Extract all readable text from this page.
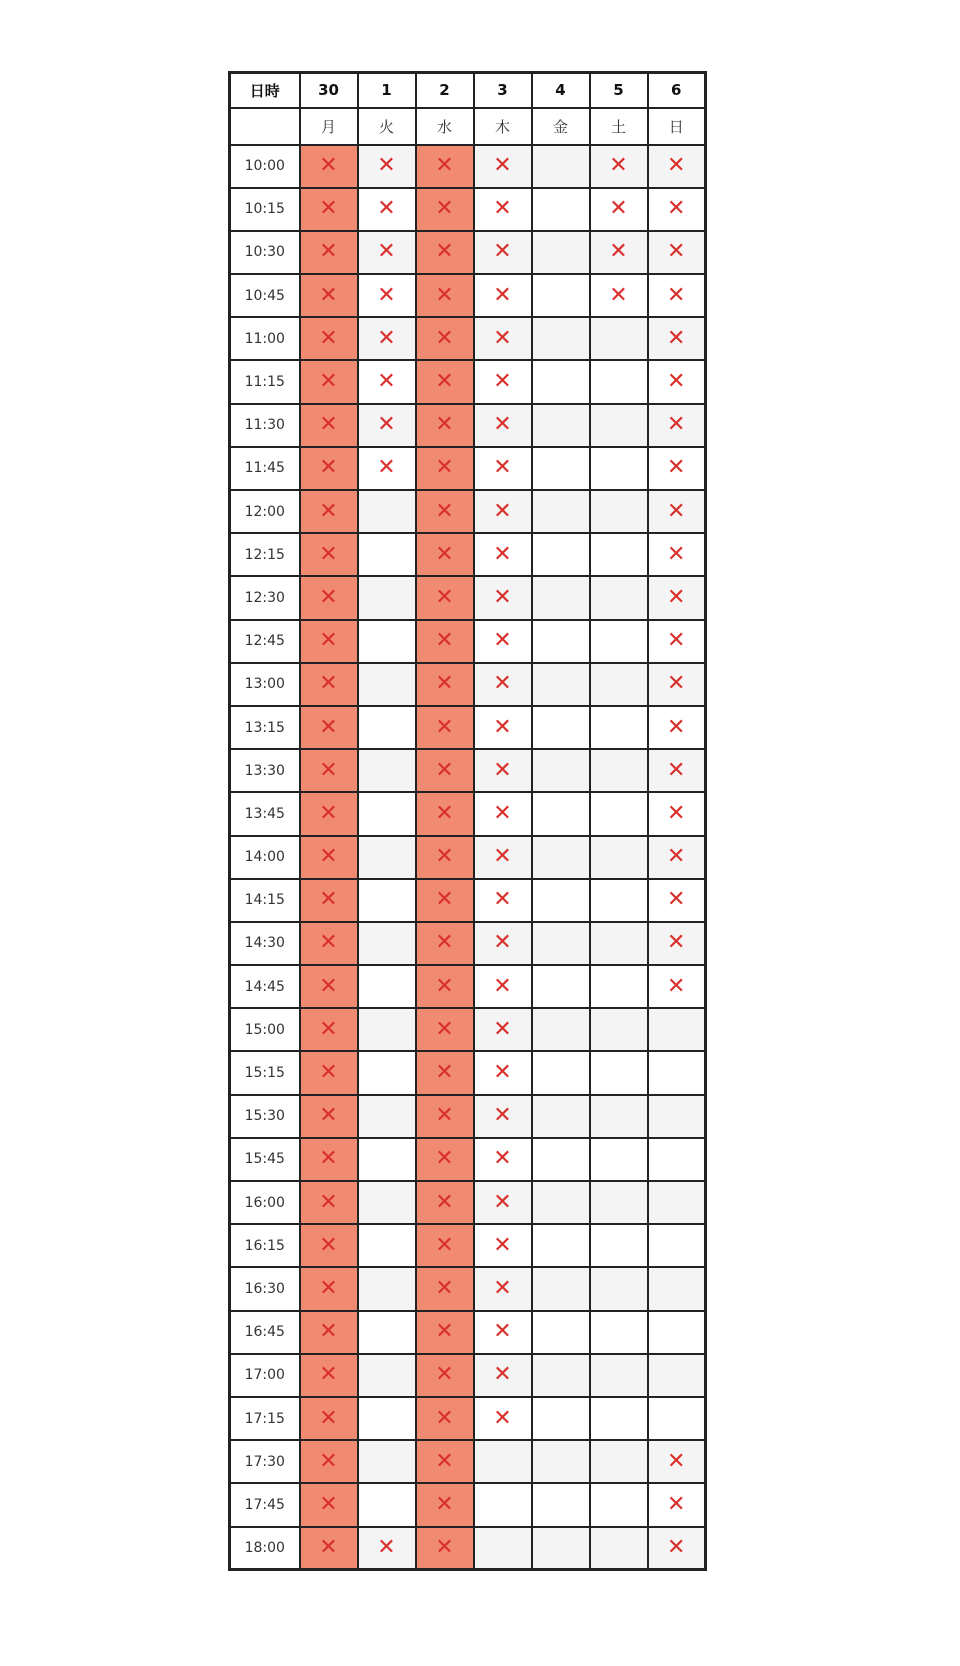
日時	30	1	2	3	4	5	6
	月	火	水	木	金	土	日
10:00	✕	✕	✕	✕		✕	✕
10:15	✕	✕	✕	✕		✕	✕
10:30	✕	✕	✕	✕		✕	✕
10:45	✕	✕	✕	✕		✕	✕
11:00	✕	✕	✕	✕			✕
11:15	✕	✕	✕	✕			✕
11:30	✕	✕	✕	✕			✕
11:45	✕	✕	✕	✕			✕
12:00	✕		✕	✕			✕
12:15	✕		✕	✕			✕
12:30	✕		✕	✕			✕
12:45	✕		✕	✕			✕
13:00	✕		✕	✕			✕
13:15	✕		✕	✕			✕
13:30	✕		✕	✕			✕
13:45	✕		✕	✕			✕
14:00	✕		✕	✕			✕
14:15	✕		✕	✕			✕
14:30	✕		✕	✕			✕
14:45	✕		✕	✕			✕
15:00	✕		✕	✕			
15:15	✕		✕	✕			
15:30	✕		✕	✕			
15:45	✕		✕	✕			
16:00	✕		✕	✕			
16:15	✕		✕	✕			
16:30	✕		✕	✕			
16:45	✕		✕	✕			
17:00	✕		✕	✕			
17:15	✕		✕	✕			
17:30	✕		✕				✕
17:45	✕		✕				✕
18:00	✕	✕	✕				✕
